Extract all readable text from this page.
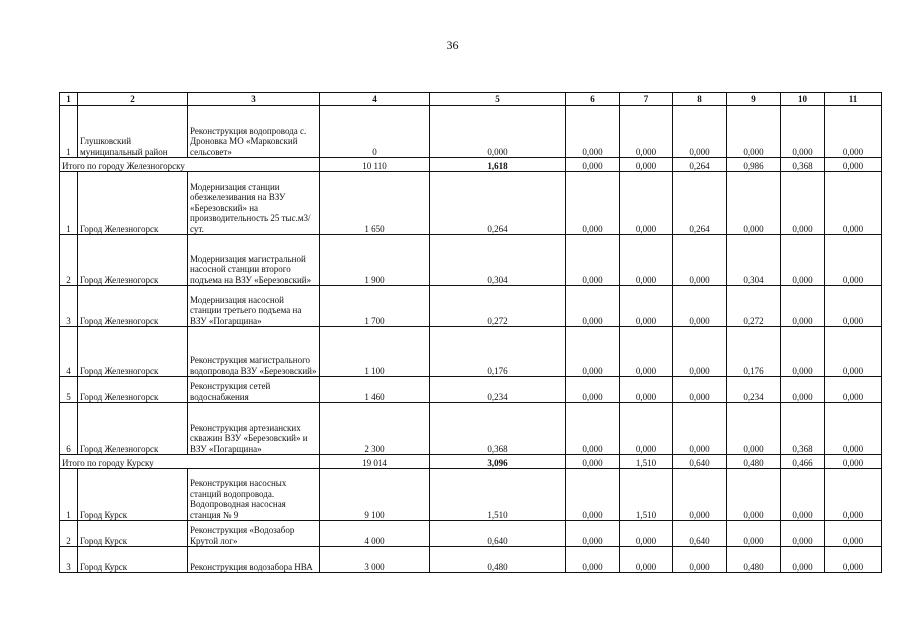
36
1	2	3	4	5	6	7	8	9	10	11
1	Глушковский муниципальный район	Реконструкция водопровода с. Дроновка МО «Марковский сельсовет»	0	0,000	0,000	0,000	0,000	0,000	0,000	0,000
Итого по городу Железногорску			10 110	1,618	0,000	0,000	0,264	0,986	0,368	0,000
1	Город Железногорск	Модернизация станции обезжелезивания на ВЗУ «Березовский» на производительность 25 тыс.м3/сут.	1 650	0,264	0,000	0,000	0,264	0,000	0,000	0,000
2	Город Железногорск	Модернизация магистральной насосной станции второго подъема на ВЗУ «Березовский»	1 900	0,304	0,000	0,000	0,000	0,304	0,000	0,000
3	Город Железногорск	Модернизация насосной станции третьего подъема на ВЗУ «Погарщина»	1 700	0,272	0,000	0,000	0,000	0,272	0,000	0,000
4	Город Железногорск	Реконструкция магистрального водопровода ВЗУ «Березовский»	1 100	0,176	0,000	0,000	0,000	0,176	0,000	0,000
5	Город Железногорск	Реконструкция сетей водоснабжения	1 460	0,234	0,000	0,000	0,000	0,234	0,000	0,000
6	Город Железногорск	Реконструкция артезианских скважин ВЗУ «Березовский» и ВЗУ «Погарщина»	2 300	0,368	0,000	0,000	0,000	0,000	0,368	0,000
Итого по городу Курску			19 014	3,096	0,000	1,510	0,640	0,480	0,466	0,000
1	Город Курск	Реконструкция насосных станций водопровода. Водопроводная насосная станция № 9	9 100	1,510	0,000	1,510	0,000	0,000	0,000	0,000
2	Город Курск	Реконструкция «Водозабор Крутой лог»	4 000	0,640	0,000	0,000	0,640	0,000	0,000	0,000
3	Город Курск	Реконструкция водозабора НВА	3 000	0,480	0,000	0,000	0,000	0,480	0,000	0,000
